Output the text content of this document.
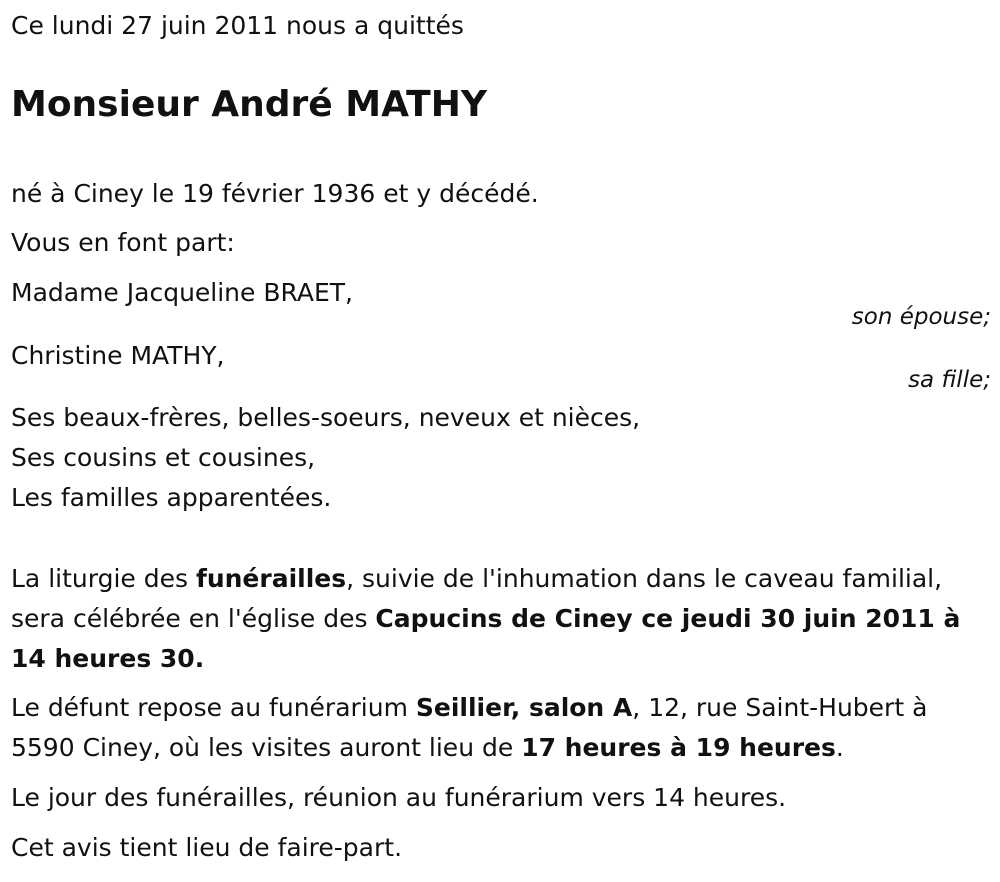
Ce lundi 27 juin 2011 nous a quittés
Monsieur André MATHY
né à Ciney le 19 février 1936 et y décédé.
Vous en font part:
Madame Jacqueline BRAET,
son épouse;
Christine MATHY,
sa fille;
Ses beaux-frères, belles-soeurs, neveux et nièces,
Ses cousins et cousines,
Les familles apparentées.
La liturgie des funérailles, suivie de l'inhumation dans le caveau familial, sera célébrée en l'église des Capucins de Ciney ce jeudi 30 juin 2011 à 14 heures 30.
Le défunt repose au funérarium Seillier, salon A, 12, rue Saint-Hubert à 5590 Ciney, où les visites auront lieu de 17 heures à 19 heures.
Le jour des funérailles, réunion au funérarium vers 14 heures.
Cet avis tient lieu de faire-part.
